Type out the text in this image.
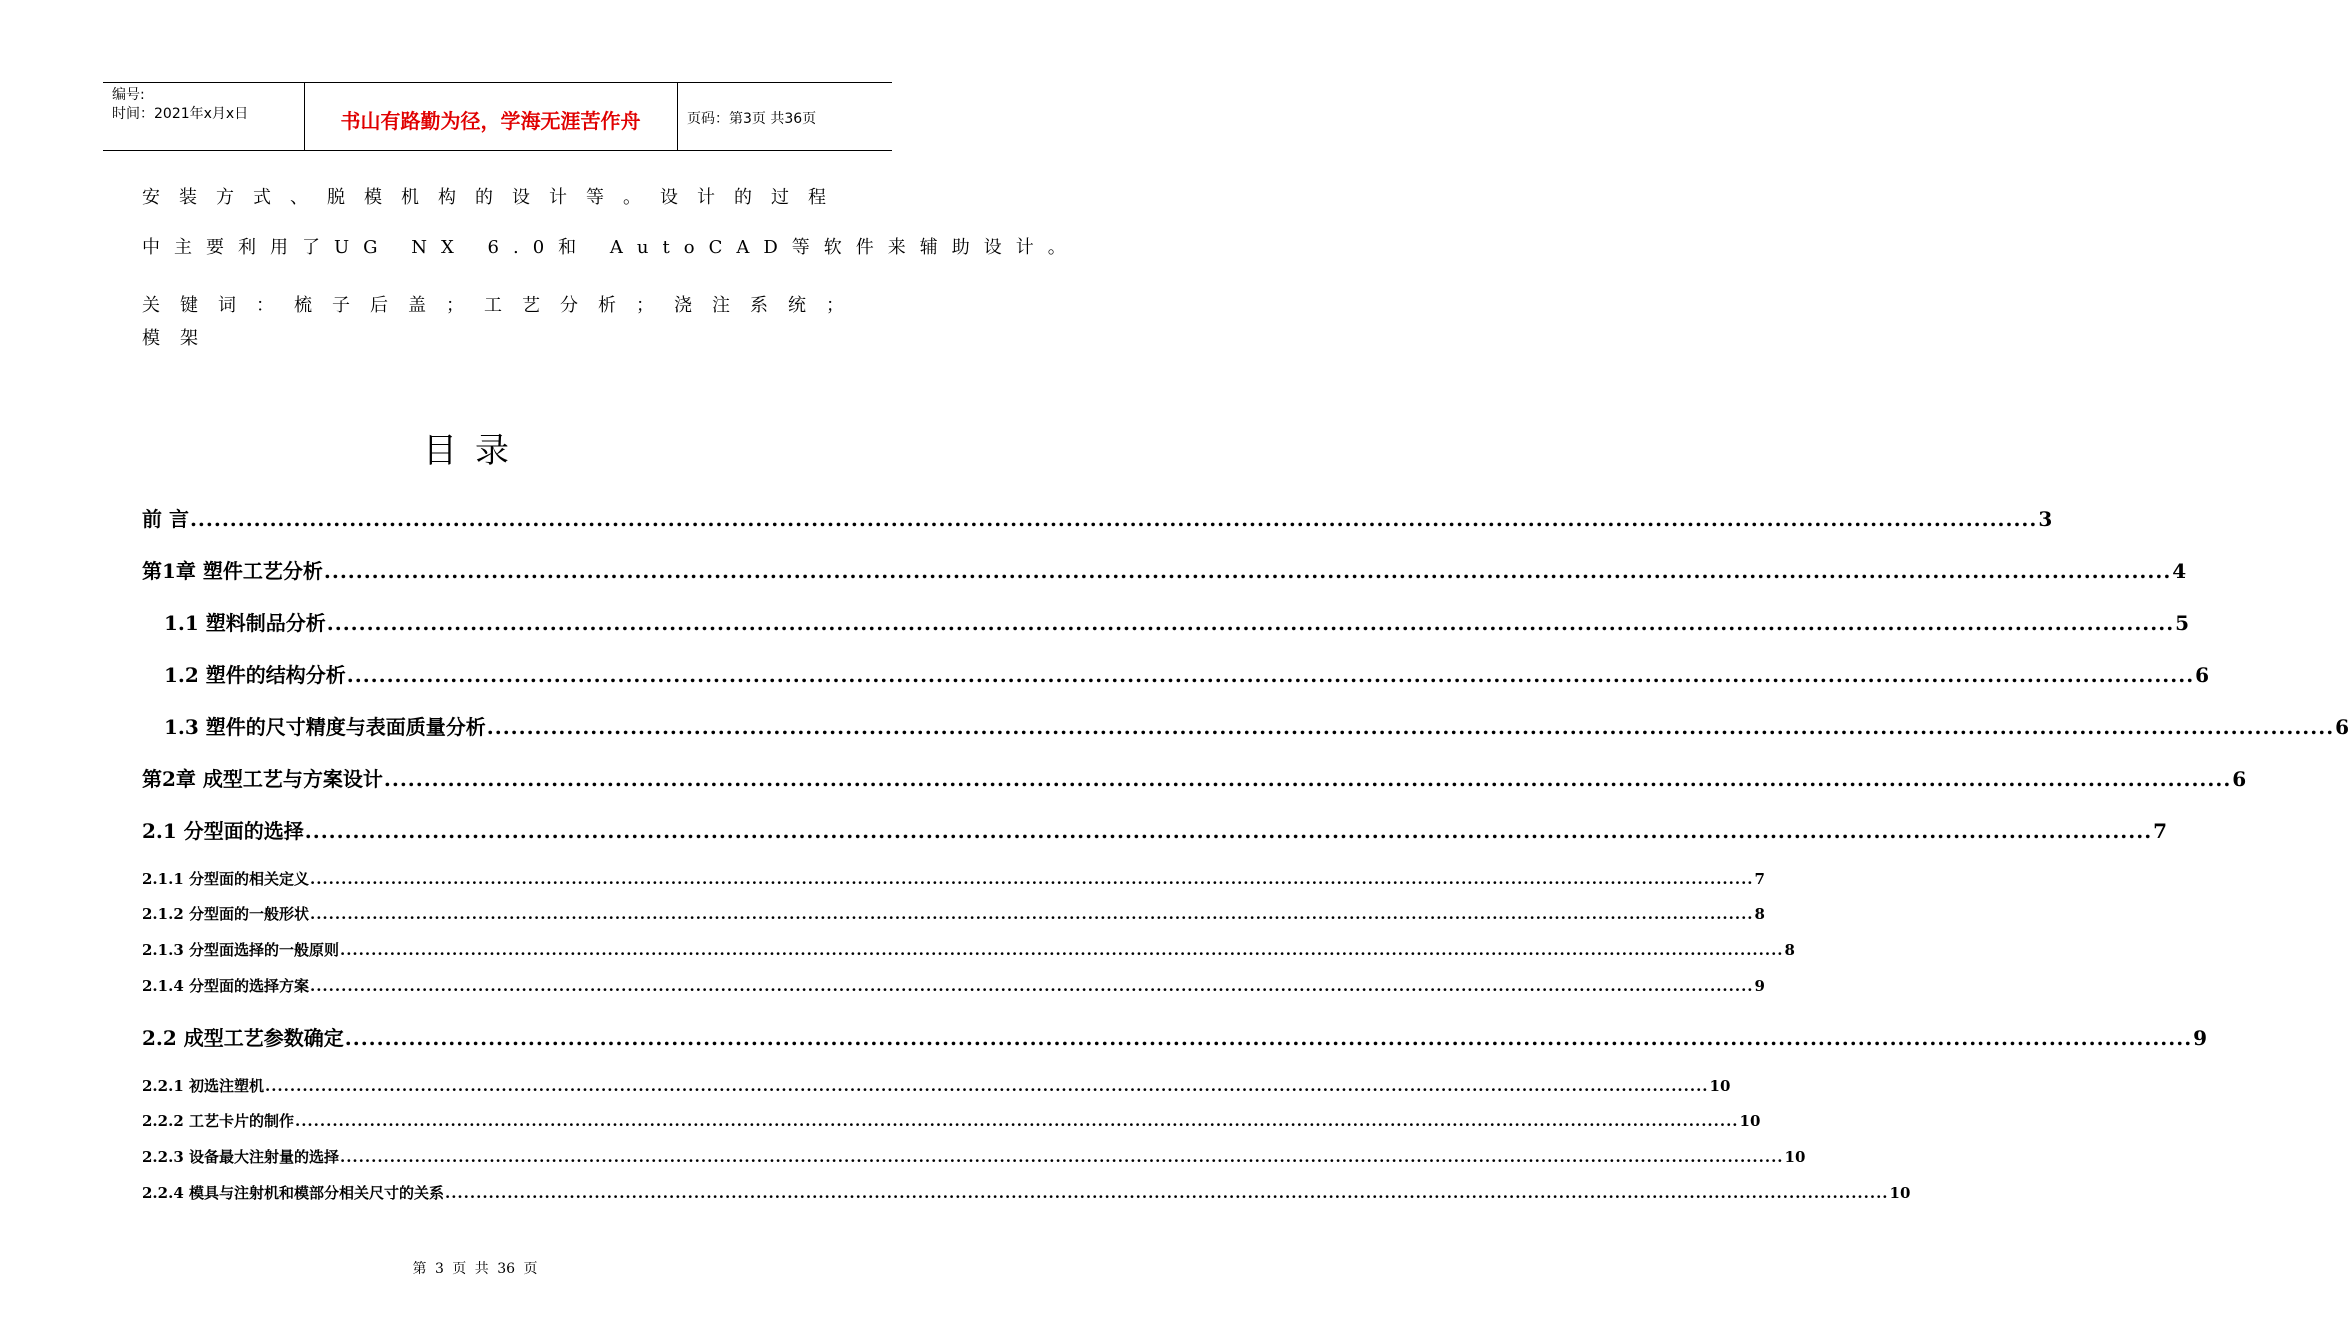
编号:
时间：2021年x月x日	书山有路勤为径，学海无涯苦作舟	页码：第3页 共36页
安装方式、脱模机构的设计等。设计的过程
中主要利用了UG NX 6.0和 AutoCAD等软件来辅助设计。
关键词：梳子后盖；工艺分析；浇注系统；
模架
目录
前 言 .....	3
第1章 塑件工艺分析 .....	4
1.1 塑料制品分析 .....	5
1.2 塑件的结构分析 .....	6
1.3 塑件的尺寸精度与表面质量分析 .....	6
第2章 成型工艺与方案设计 .....	6
2.1 分型面的选择 .....	7
2.1.1 分型面的相关定义 .....	7
2.1.2 分型面的一般形状 .....	8
2.1.3 分型面选择的一般原则 .....	8
2.1.4 分型面的选择方案 .....	9
2.2 成型工艺参数确定 .....	9
2.2.1 初选注塑机 .....	10
2.2.2 工艺卡片的制作 .....	10
2.2.3 设备最大注射量的选择 .....	10
2.2.4 模具与注射机和模部分相关尺寸的关系 .....	10
第 3 页 共 36 页
